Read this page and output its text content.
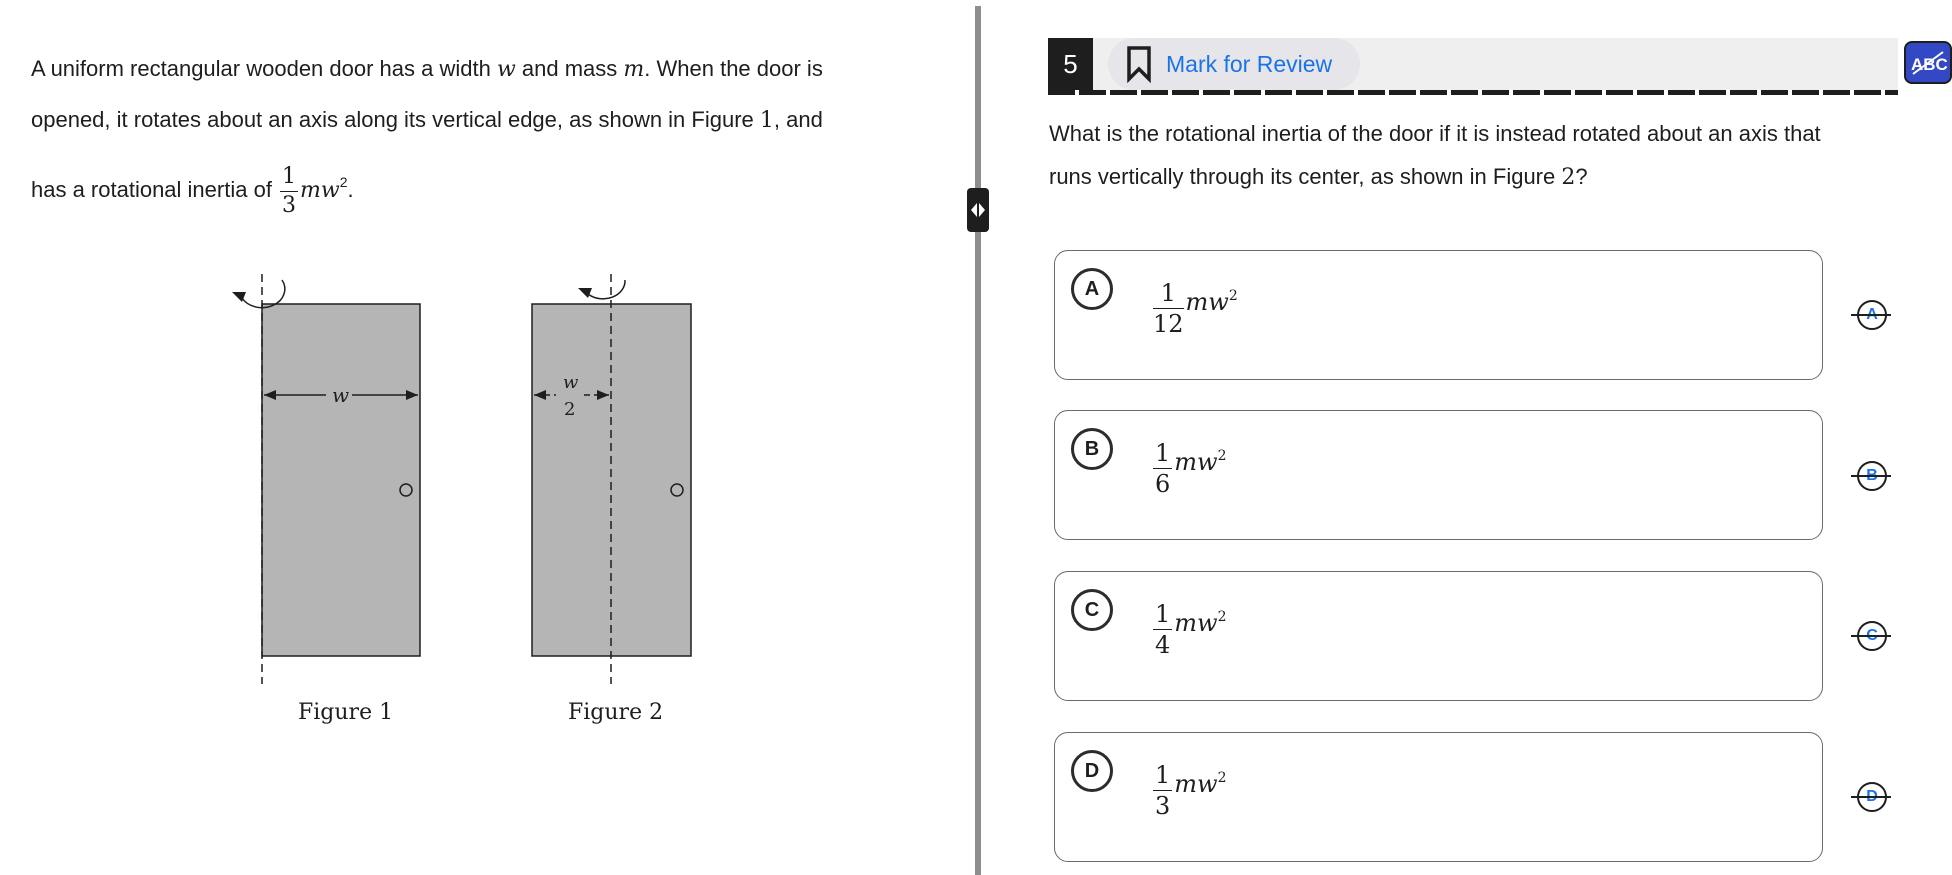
A uniform rectangular wooden door has a width w and mass m. When the door is
opened, it rotates about an axis along its vertical edge, as shown in Figure 1, and
has a rotational inertia of $\frac{1}{3} mw^2$.
w
w
2
Figure 1	Figure 2
5	Mark for Review	ABC
What is the rotational inertia of the door if it is instead rotated about an axis that
runs vertically through its center, as shown in Figure 2?
A	$\frac{1}{12} mw^2$
B	$\frac{1}{6} mw^2$
C	$\frac{1}{4} mw^2$
D	$\frac{1}{3} mw^2$
